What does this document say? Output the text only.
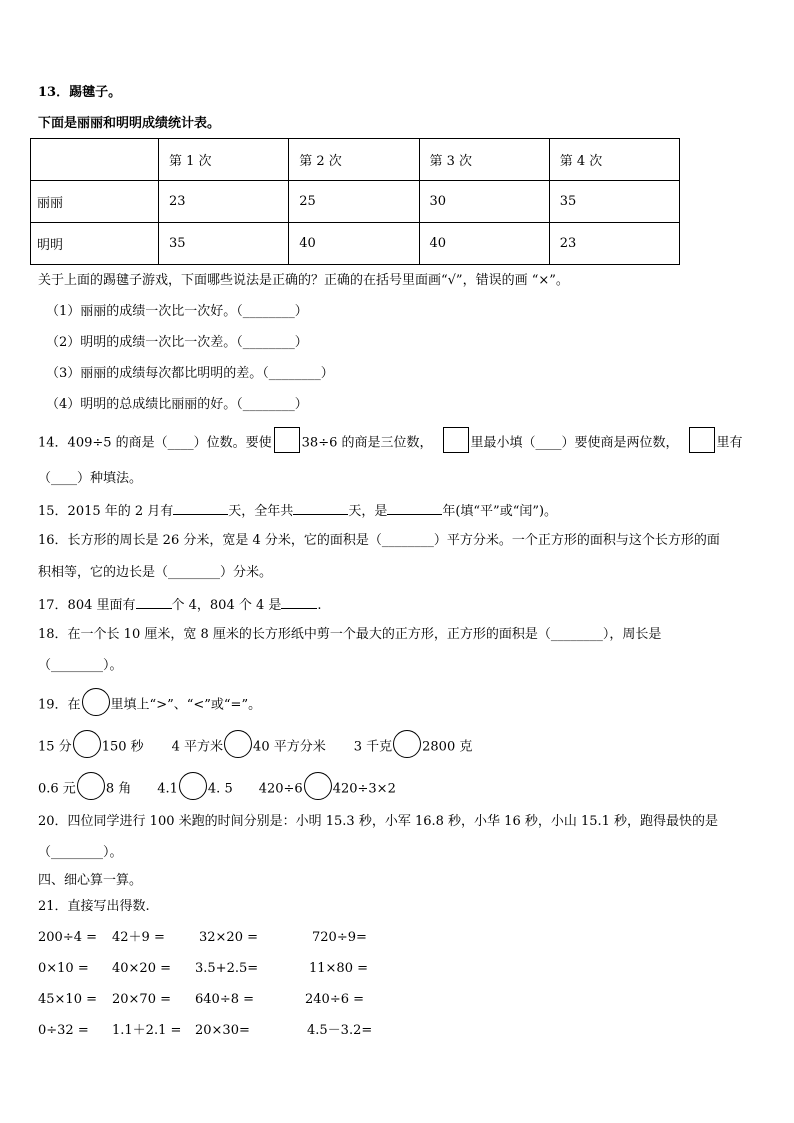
13．踢毽子。
下面是丽丽和明明成绩统计表。
	第 1 次	第 2 次	第 3 次	第 4 次
丽丽	23	25	30	35
明明	35	40	40	23
关于上面的踢毽子游戏，下面哪些说法是正确的？正确的在括号里面画“√”，错误的画 “×”。
（1）丽丽的成绩一次比一次好。（________）
（2）明明的成绩一次比一次差。（________）
（3）丽丽的成绩每次都比明明的差。（________）
（4）明明的总成绩比丽丽的好。（________）
14．409÷5 的商是（____）位数。要使 38÷6 的商是三位数，	里最小填（____）要使商是两位数，	里有
（____）种填法。
15．2015 年的 2 月有	天，全年共	天，是	年(填“平”或“闰”)。
16．长方形的周长是 26 分米，宽是 4 分米，它的面积是（________）平方分米。一个正方形的面积与这个长方形的面
积相等，它的边长是（________）分米。
17．804 里面有	个 4，804 个 4 是	.
18．在一个长 10 厘米，宽 8 厘米的长方形纸中剪一个最大的正方形，正方形的面积是（________），周长是
（________）。
19．在 里填上“>”、“<”或“=”。
15 分 150 秒 4 平方米 40 平方分米 3 千克 2800 克
0.6 元 8 角 4.1 4. 5 420÷6 420÷3×2
20．四位同学进行 100 米跑的时间分别是：小明 15.3 秒，小军 16.8 秒，小华 16 秒，小山 15.1 秒，跑得最快的是
（________）。
四、细心算一算。
21．直接写出得数.
200÷4 = 42＋9 =	32×20 =	720÷9=
0×10 = 40×20 = 3.5+2.5=	11×80 =
45×10 = 20×70 = 640÷8 =	240÷6 =
0÷32 = 1.1＋2.1 = 20×30=	4.5－3.2=
